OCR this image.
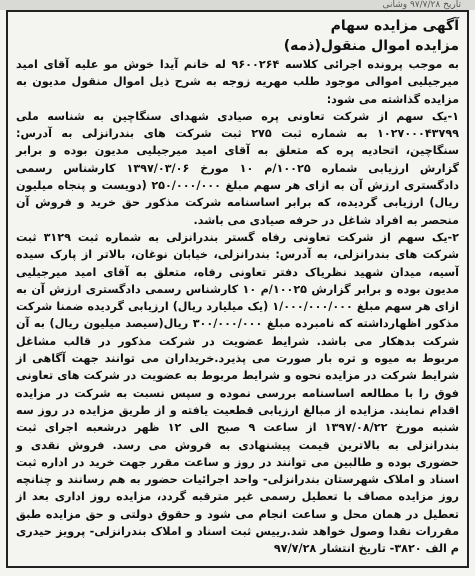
تاریخ ۹۷/۷/۲۸ وشانی

آگهی مزایده سهام

مزایده اموال منقول(ذمه)

به موجب پرونده اجرائی کلاسه ۹۶۰۰۲۶۴ له خانم آیدا خوش مو علیه آقای امید میرجیلیی اموالی موجود طلب مهریه زوجه به شرح ذیل اموال منقول مدیون به مزایده گذاشته می شود:

۱-یک سهم از شرکت تعاونی پره صیادی شهدای سنگاچین به شناسه ملی ۱۰۲۷۰۰۰۴۳۷۹۹ به شماره ثبت ۲۷۵ ثبت شرکت های بندرانزلی به آدرس: سنگاچین، اتحادیه پره که متعلق به آقای امید میرجیلیی مدیون بوده و برابر گزارش ارزیابی شماره ۱۰۰۲۵/م ۱۰ مورخ ۱۳۹۷/۰۳/۰۶ کارشناس رسمی دادگستری ارزش آن به ازای هر سهم مبلغ ۲۵۰/۰۰۰/۰۰۰ (دویست و پنجاه میلیون ریال) ارزیابی گردیده، که برابر اساسنامه شرکت مذکور حق خرید و فروش آن منحصر به افراد شاغل در حرفه صیادی می باشد.

۲-یک سهم از شرکت تعاونی رفاه گستر بندرانزلی به شماره ثبت ۳۱۲۹ ثبت شرکت های بندرانزلی، به آدرس: بندرانزلی، خیابان نوغان، بالاتر از پارک سیده آسیه، میدان شهید نظریاک دفتر تعاونی رفاه، متعلق به آقای امید میرجیلیی مدیون بوده و برابر گزارش ۱۰۰۲۵/م ۱۰ کارشناس رسمی دادگستری ارزش آن به ازای هر سهم مبلغ ۱/۰۰۰/۰۰۰/۰۰۰ (یک میلیارد ریال) ارزیابی گردیده ضمنا شرکت مذکور اظهارداشته که نامبرده مبلغ ۳۰۰/۰۰۰/۰۰۰ ریال(سیصد میلیون ریال) به آن شرکت بدهکار می باشد. شرایط عضویت در شرکت مذکور در قالب مشاغل مربوط به میوه و تره بار صورت می پذیرد.خریداران می توانند جهت آگاهی از شرایط شرکت در مزایده نحوه و شرایط مربوط به عضویت در شرکت های تعاونی فوق را با مطالعه اساسنامه بررسی نموده و سپس نسبت به شرکت در مزایده اقدام نمایند. مزایده از مبالغ ارزیابی قطعیت یافته و از طریق مزایده در روز سه شنبه مورخ ۱۳۹۷/۰۸/۲۲ از ساعت ۹ صبح الی ۱۲ ظهر درشعبه اجرای ثبت بندرانزلی به بالاترین قیمت پیشنهادی به فروش می رسد. فروش نقدی و حضوری بوده و طالبین می توانند در روز و ساعت مقرر جهت خرید در اداره ثبت اسناد و املاک شهرستان بندرانزلی- واحد اجرائیات حضور به هم رسانند و چنانچه روز مزایده مصاف با تعطیل رسمی غیر مترقبه گردد، مزایده روز اداری بعد از تعطیل در همان محل و ساعت انجام می شود و حقوق دولتی و حق مزایده طبق مقررات نقدا وصول خواهد شد.رییس ثبت اسناد و املاک بندرانزلی- پرویز حیدری م الف ۳۸۲۰- تاریخ انتشار ۹۷/۷/۲۸
